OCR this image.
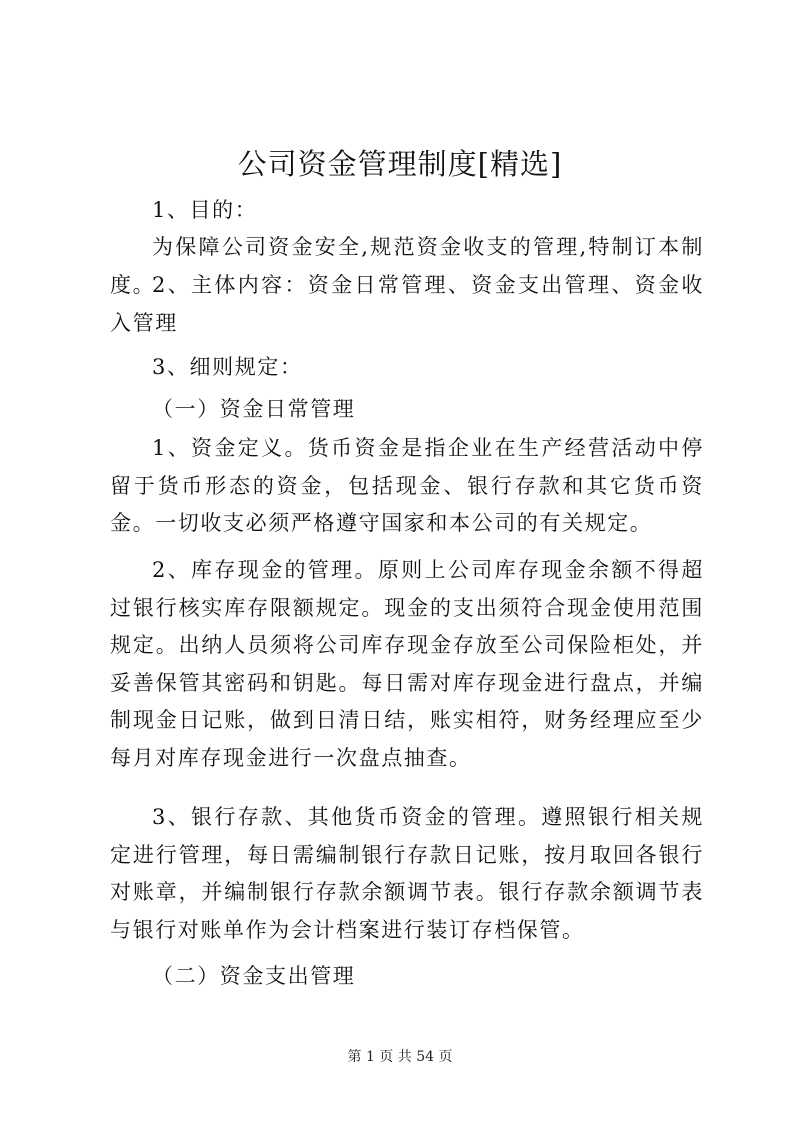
公司资金管理制度[精选]

1、目的：

为保障公司资金安全,规范资金收支的管理,特制订本制度。

2、主体内容：资金日常管理、资金支出管理、资金收入管理

3、细则规定：

（一）资金日常管理

1、资金定义。货币资金是指企业在生产经营活动中停留于货币形态的资金，包括现金、银行存款和其它货币资金。一切收支必须严格遵守国家和本公司的有关规定。

2、库存现金的管理。原则上公司库存现金余额不得超过银行核实库存限额规定。现金的支出须符合现金使用范围规定。出纳人员须将公司库存现金存放至公司保险柜处，并妥善保管其密码和钥匙。每日需对库存现金进行盘点，并编制现金日记账，做到日清日结，账实相符，财务经理应至少每月对库存现金进行一次盘点抽查。

3、银行存款、其他货币资金的管理。遵照银行相关规定进行管理，每日需编制银行存款日记账，按月取回各银行对账章，并编制银行存款余额调节表。银行存款余额调节表与银行对账单作为会计档案进行装订存档保管。

（二）资金支出管理

第 1 页 共 54 页
